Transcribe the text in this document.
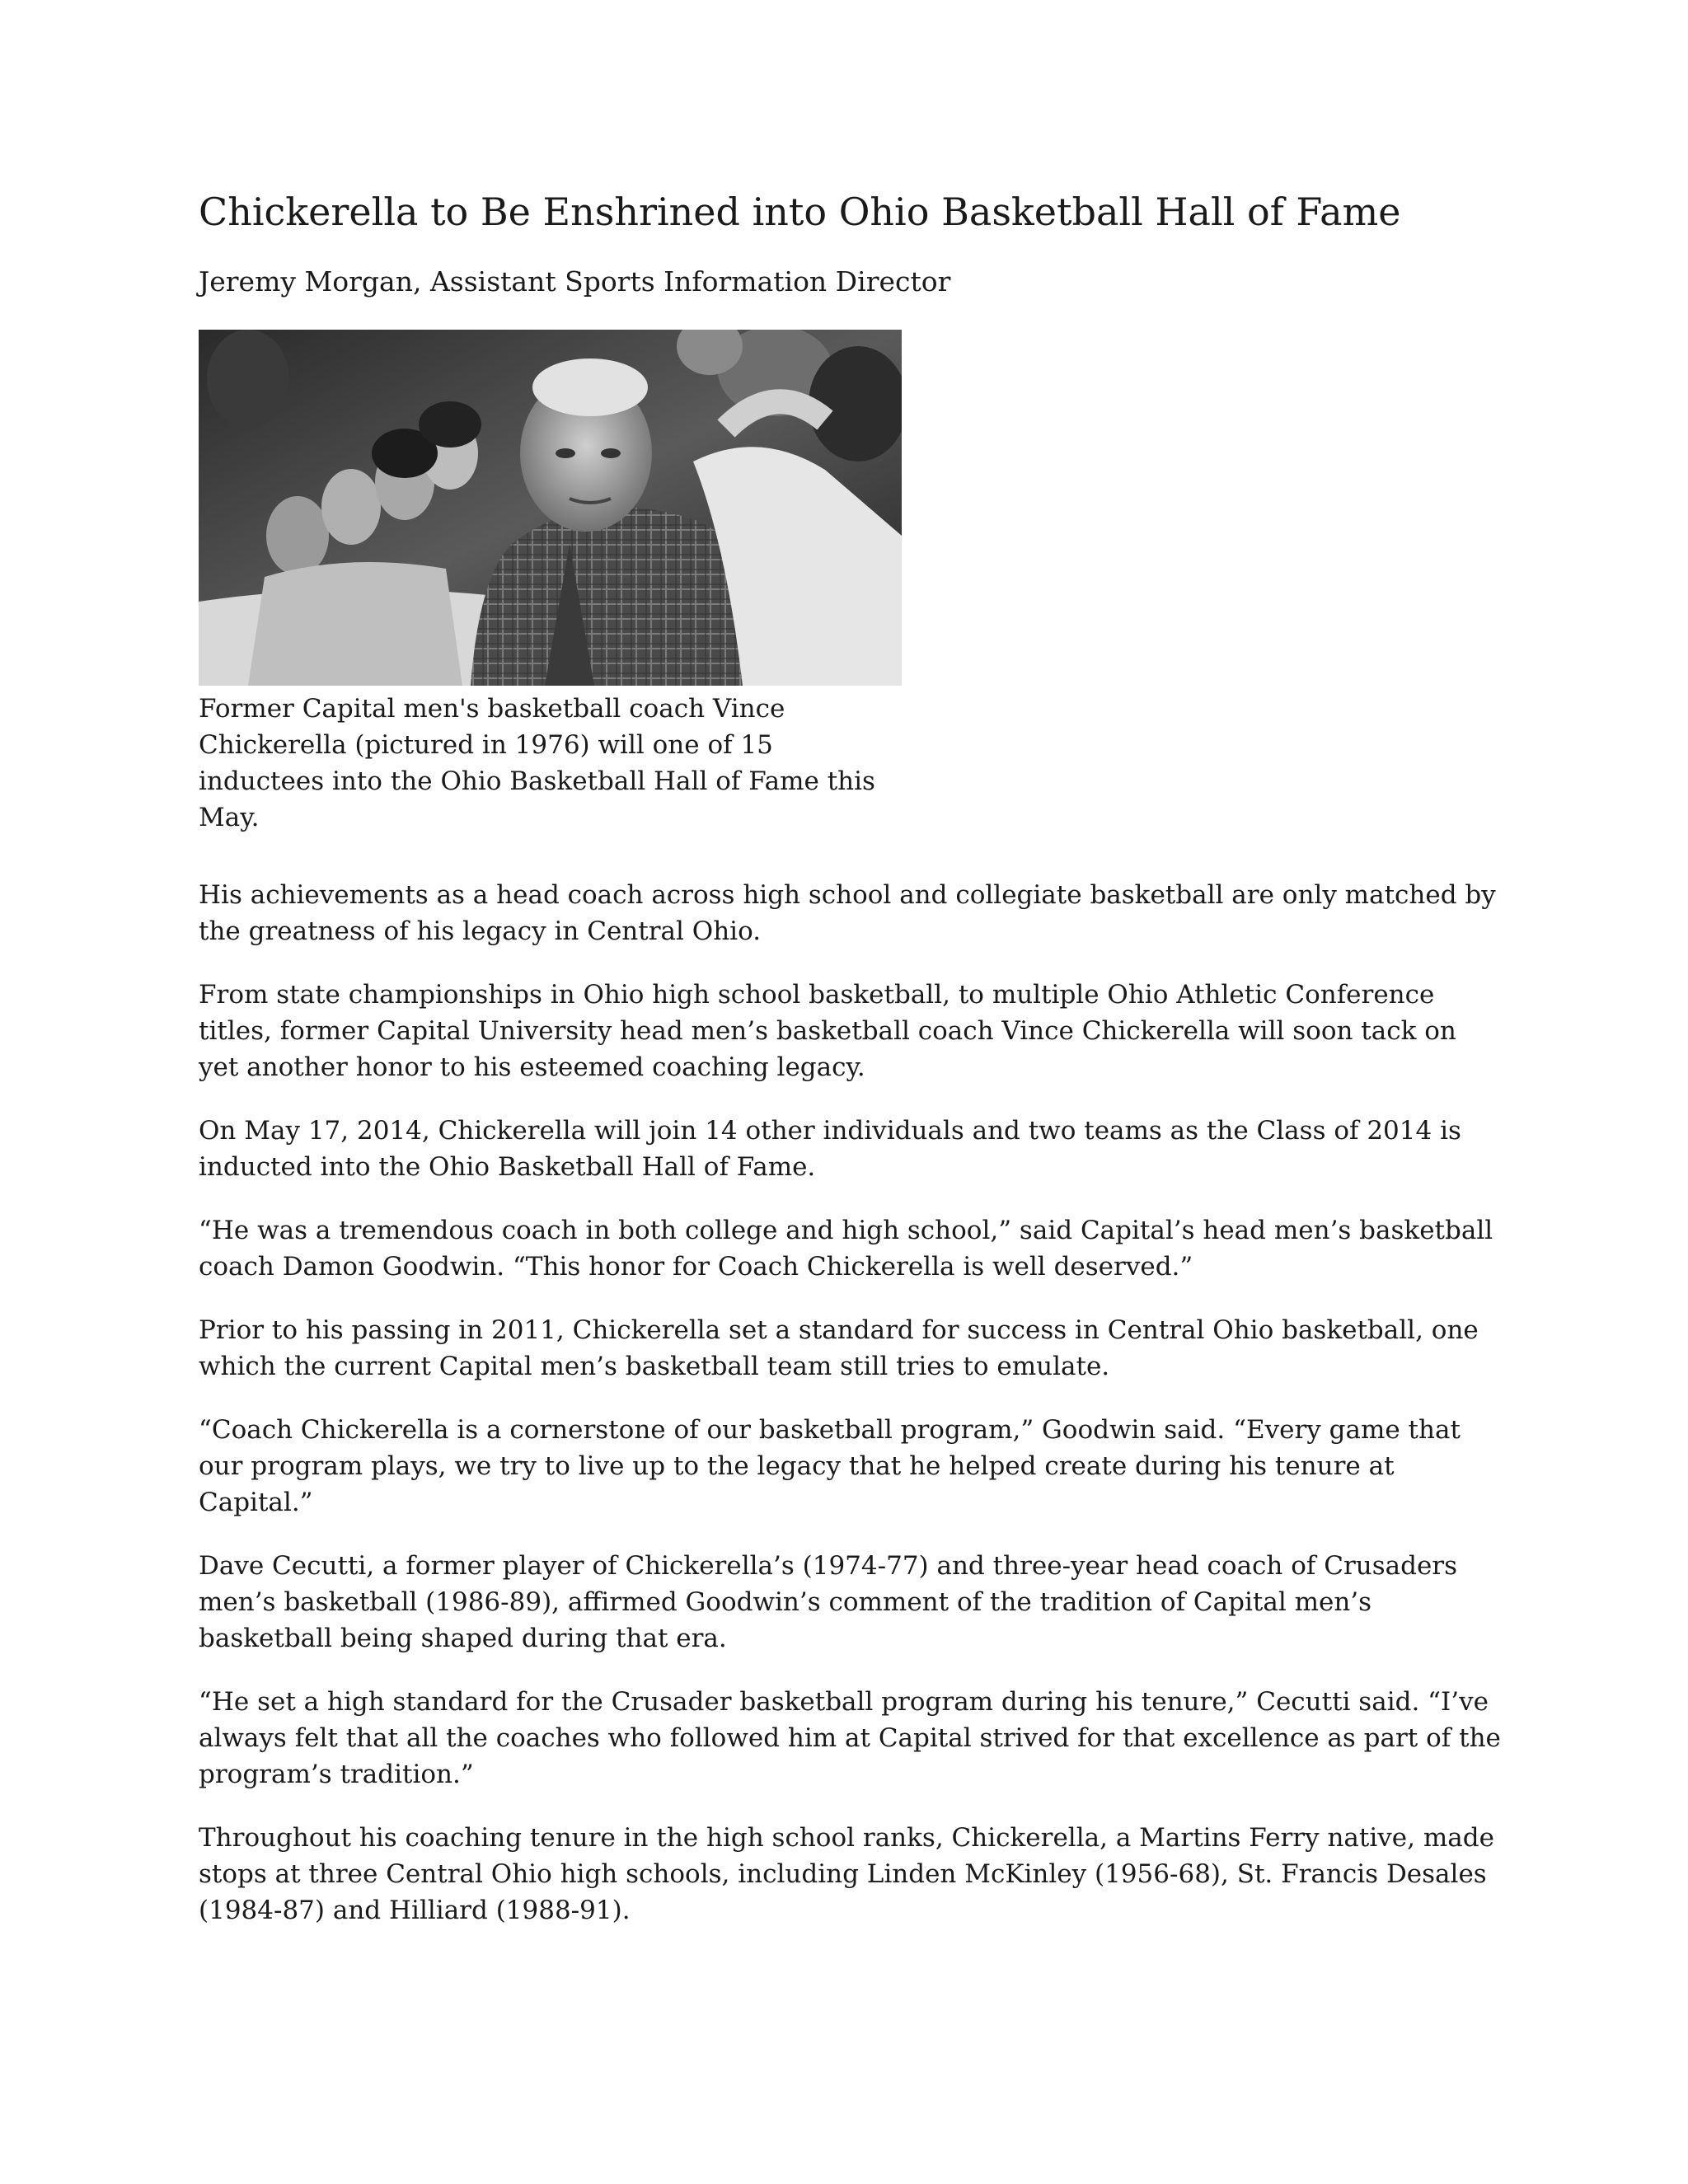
Chickerella to Be Enshrined into Ohio Basketball Hall of Fame
Jeremy Morgan, Assistant Sports Information Director
Former Capital men's basketball coach Vince Chickerella (pictured in 1976) will one of 15 inductees into the Ohio Basketball Hall of Fame this May.

His achievements as a head coach across high school and collegiate basketball are only matched by the greatness of his legacy in Central Ohio.

From state championships in Ohio high school basketball, to multiple Ohio Athletic Conference titles, former Capital University head men’s basketball coach Vince Chickerella will soon tack on yet another honor to his esteemed coaching legacy.

On May 17, 2014, Chickerella will join 14 other individuals and two teams as the Class of 2014 is inducted into the Ohio Basketball Hall of Fame.

“He was a tremendous coach in both college and high school,” said Capital’s head men’s basketball coach Damon Goodwin. “This honor for Coach Chickerella is well deserved.”

Prior to his passing in 2011, Chickerella set a standard for success in Central Ohio basketball, one which the current Capital men’s basketball team still tries to emulate.

“Coach Chickerella is a cornerstone of our basketball program,” Goodwin said. “Every game that our program plays, we try to live up to the legacy that he helped create during his tenure at Capital.”

Dave Cecutti, a former player of Chickerella’s (1974-77) and three-year head coach of Crusaders men’s basketball (1986-89), affirmed Goodwin’s comment of the tradition of Capital men’s basketball being shaped during that era.

“He set a high standard for the Crusader basketball program during his tenure,” Cecutti said. “I’ve always felt that all the coaches who followed him at Capital strived for that excellence as part of the program’s tradition.”

Throughout his coaching tenure in the high school ranks, Chickerella, a Martins Ferry native, made stops at three Central Ohio high schools, including Linden McKinley (1956-68), St. Francis Desales (1984-87) and Hilliard (1988-91).
